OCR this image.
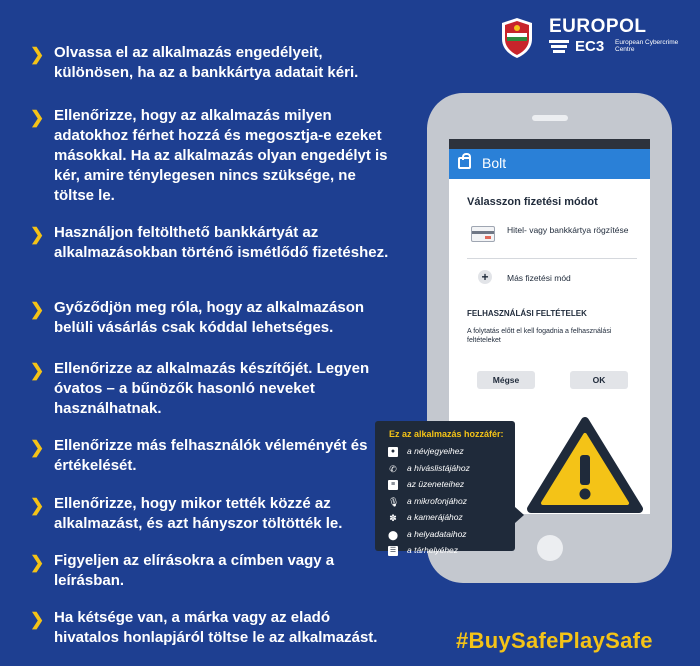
❯ Olvassa el az alkalmazás engedélyeit, különösen, ha az a bankkártya adatait kéri.
❯ Ellenőrizze, hogy az alkalmazás milyen adatokhoz férhet hozzá és megosztja-e ezeket másokkal. Ha az alkalmazás olyan engedélyt is kér, amire ténylegesen nincs szüksége, ne töltse le.
❯ Használjon feltölthető bankkártyát az alkalmazásokban történő ismétlődő fizetéshez.
❯ Győződjön meg róla, hogy az alkalmazáson belüli vásárlás csak kóddal lehetséges.
❯ Ellenőrizze az alkalmazás készítőjét. Legyen óvatos – a bűnözők hasonló neveket használhatnak.
❯ Ellenőrizze más felhasználók véleményét és értékelését.
❯ Ellenőrizze, hogy mikor tették közzé az alkalmazást, és azt hányszor töltötték le.
❯ Figyeljen az elírásokra a címben vagy a leírásban.
❯ Ha kétsége van, a márka vagy az eladó hivatalos honlapjáról töltse le az alkalmazást.
EUROPOL
EC3 European Cybercrime
Centre
Bolt
Válasszon fizetési módot
Hitel- vagy bankkártya rögzítése
+	Más fizetési mód
FELHASZNÁLÁSI FELTÉTELEK
A folytatás előtt el kell fogadnia a felhasználási feltételeket
Mégse	OK
Ez az alkalmazás hozzáfér:
●	a névjegyeihez
✆ a híváslistájához
≡	az üzeneteihez
🎙 a mikrofonjához
✽ a kamerájához
⬤ a helyadataihoz
☰ a tárhelyéhez
#BuySafePlaySafe
